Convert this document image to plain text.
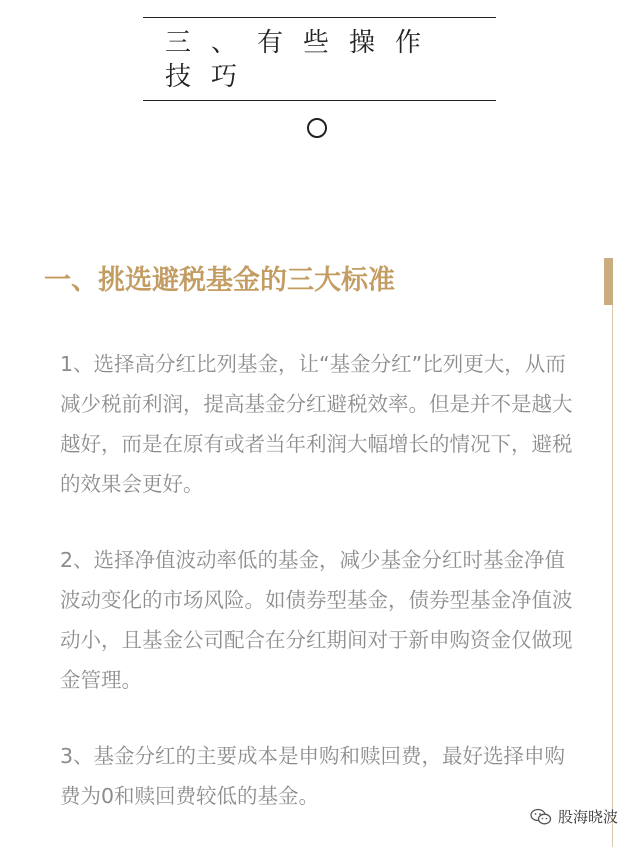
三、有些操作技巧
一、挑选避税基金的三大标准

1、选择高分红比列基金，让“基金分红”比列更大，从而减少税前利润，提高基金分红避税效率。但是并不是越大越好，而是在原有或者当年利润大幅增长的情况下，避税的效果会更好。

2、选择净值波动率低的基金，减少基金分红时基金净值波动变化的市场风险。如债券型基金，债券型基金净值波动小，且基金公司配合在分红期间对于新申购资金仅做现金管理。

3、基金分红的主要成本是申购和赎回费，最好选择申购费为0和赎回费较低的基金。

股海晓波
